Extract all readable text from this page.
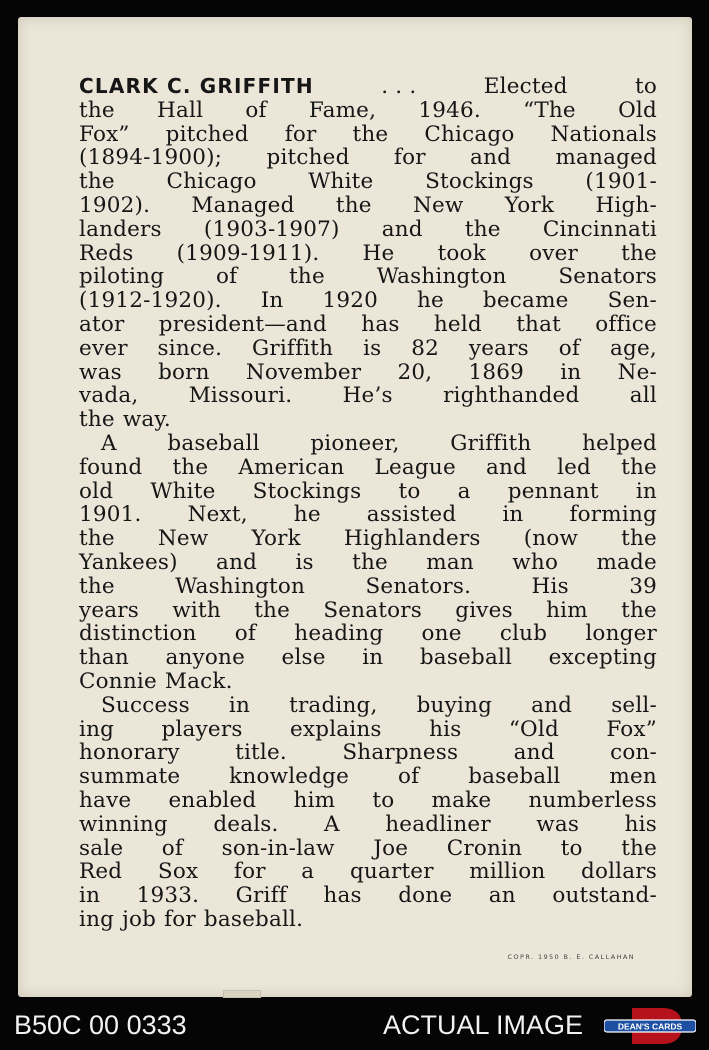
CLARK C. GRIFFITH	. . .	Elected	to
the Hall of Fame, 1946. “The Old
Fox” pitched for the Chicago Nationals
(1894-1900); pitched for and managed
the Chicago White Stockings (1901-
1902). Managed the New York High-
landers (1903-1907) and the Cincinnati
Reds (1909-1911). He took over the
piloting of the Washington Senators
(1912-1920). In 1920 he became Sen-
ator president—and has held that office
ever since. Griffith is 82 years of age,
was born November 20, 1869 in Ne-
vada, Missouri. He’s righthanded all
the way.
A baseball pioneer, Griffith helped
found the American League and led the
old White Stockings to a pennant in
1901. Next, he assisted in forming
the New York Highlanders (now the
Yankees) and is the man who made
the	Washington	Senators.	His	39
years with the Senators gives him the
distinction of heading one club longer
than anyone else in baseball excepting
Connie Mack.
Success in trading, buying and sell-
ing players explains his “Old Fox”
honorary	title.	Sharpness	and	con-
summate knowledge of baseball men
have enabled him to make numberless
winning deals. A headliner was his
sale of son-in-law Joe Cronin to the
Red Sox for a quarter million dollars
in 1933. Griff has done an outstand-
ing job for baseball.
COPR. 1950 B. E. CALLAHAN
B50C 00 0333	ACTUAL IMAGE	DEAN'S CARDS
